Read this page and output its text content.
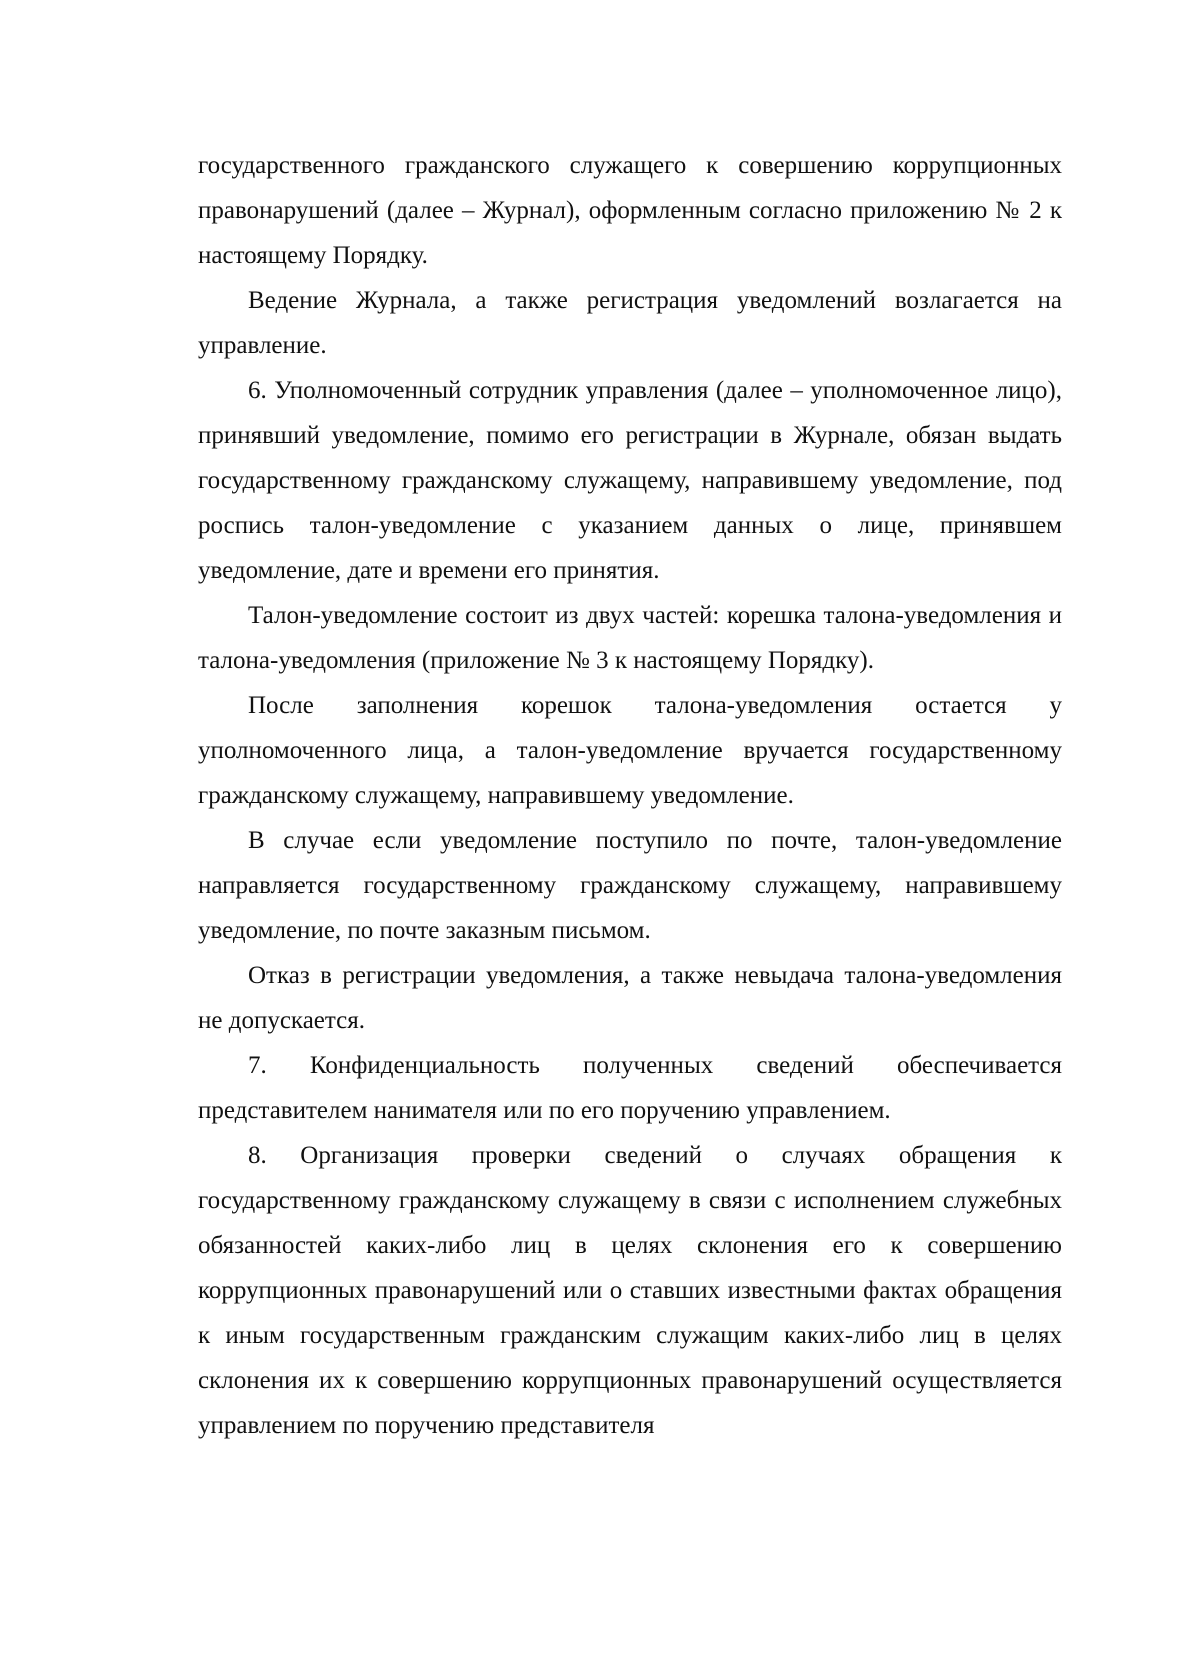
государственного гражданского служащего к совершению коррупционных правонарушений (далее – Журнал), оформленным согласно приложению № 2 к настоящему Порядку.

Ведение Журнала, а также регистрация уведомлений возлагается на управление.

6. Уполномоченный сотрудник управления (далее – уполномоченное лицо), принявший уведомление, помимо его регистрации в Журнале, обязан выдать государственному гражданскому служащему, направившему уведомление, под роспись талон-уведомление с указанием данных о лице, принявшем уведомление, дате и времени его принятия.

Талон-уведомление состоит из двух частей: корешка талона-уведомления и талона-уведомления (приложение № 3 к настоящему Порядку).

После заполнения корешок талона-уведомления остается у уполномоченного лица, а талон-уведомление вручается государственному гражданскому служащему, направившему уведомление.

В случае если уведомление поступило по почте, талон-уведомление направляется государственному гражданскому служащему, направившему уведомление, по почте заказным письмом.

Отказ в регистрации уведомления, а также невыдача талона-уведомления не допускается.

7. Конфиденциальность полученных сведений обеспечивается представителем нанимателя или по его поручению управлением.

8. Организация проверки сведений о случаях обращения к государственному гражданскому служащему в связи с исполнением служебных обязанностей каких-либо лиц в целях склонения его к совершению коррупционных правонарушений или о ставших известными фактах обращения к иным государственным гражданским служащим каких-либо лиц в целях склонения их к совершению коррупционных правонарушений осуществляется управлением по поручению представителя
